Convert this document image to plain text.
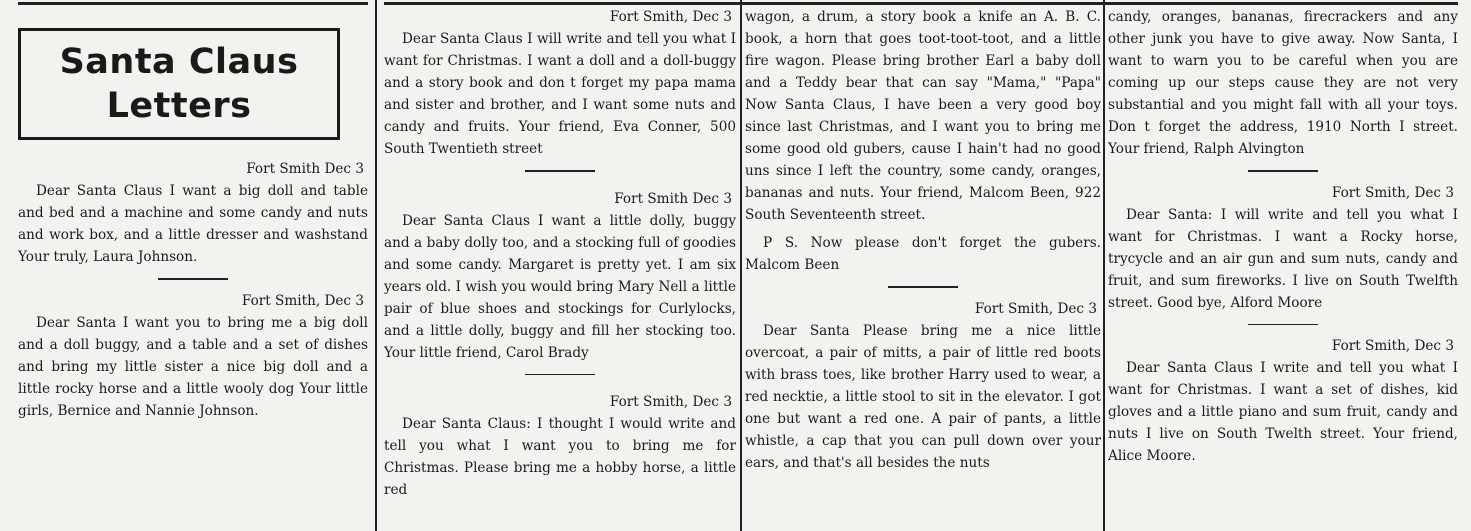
Santa Claus
Letters
Fort Smith Dec 3
Dear Santa Claus I want a big doll and table and bed and a machine and some candy and nuts and work box, and a little dresser and washstand Your truly, Laura Johnson.
Fort Smith, Dec 3
Dear Santa I want you to bring me a big doll and a doll buggy, and a table and a set of dishes and bring my little sister a nice big doll and a little rocky horse and a little wooly dog Your little girls, Bernice and Nannie Johnson.
Fort Smith, Dec 3
Dear Santa Claus I will write and tell you what I want for Christmas. I want a doll and a doll-buggy and a story book and don t forget my papa mama and sister and brother, and I want some nuts and candy and fruits. Your friend, Eva Conner, 500 South Twentieth street
Fort Smith Dec 3
Dear Santa Claus I want a little dolly, buggy and a baby dolly too, and a stocking full of goodies and some candy. Margaret is pretty yet. I am six years old. I wish you would bring Mary Nell a little pair of blue shoes and stockings for Curlylocks, and a little dolly, buggy and fill her stocking too. Your little friend, Carol Brady
Fort Smith, Dec 3
Dear Santa Claus: I thought I would write and tell you what I want you to bring me for Christmas. Please bring me a hobby horse, a little red
wagon, a drum, a story book a knife an A. B. C. book, a horn that goes toot-toot-toot, and a little fire wagon. Please bring brother Earl a baby doll and a Teddy bear that can say "Mama," "Papa" Now Santa Claus, I have been a very good boy since last Christmas, and I want you to bring me some good old gubers, cause I hain't had no good uns since I left the country, some candy, oranges, bananas and nuts. Your friend, Malcom Been, 922 South Seventeenth street.
P S. Now please don't forget the gubers. Malcom Been
Fort Smith, Dec 3
Dear Santa Please bring me a nice little overcoat, a pair of mitts, a pair of little red boots with brass toes, like brother Harry used to wear, a red necktie, a little stool to sit in the elevator. I got one but want a red one. A pair of pants, a little whistle, a cap that you can pull down over your ears, and that's all besides the nuts
candy, oranges, bananas, firecrackers and any other junk you have to give away. Now Santa, I want to warn you to be careful when you are coming up our steps cause they are not very substantial and you might fall with all your toys. Don t forget the address, 1910 North I street. Your friend, Ralph Alvington
Fort Smith, Dec 3
Dear Santa: I will write and tell you what I want for Christmas. I want a Rocky horse, trycycle and an air gun and sum nuts, candy and fruit, and sum fireworks. I live on South Twelfth street. Good bye, Alford Moore
Fort Smith, Dec 3
Dear Santa Claus I write and tell you what I want for Christmas. I want a set of dishes, kid gloves and a little piano and sum fruit, candy and nuts I live on South Twelth street. Your friend, Alice Moore.
